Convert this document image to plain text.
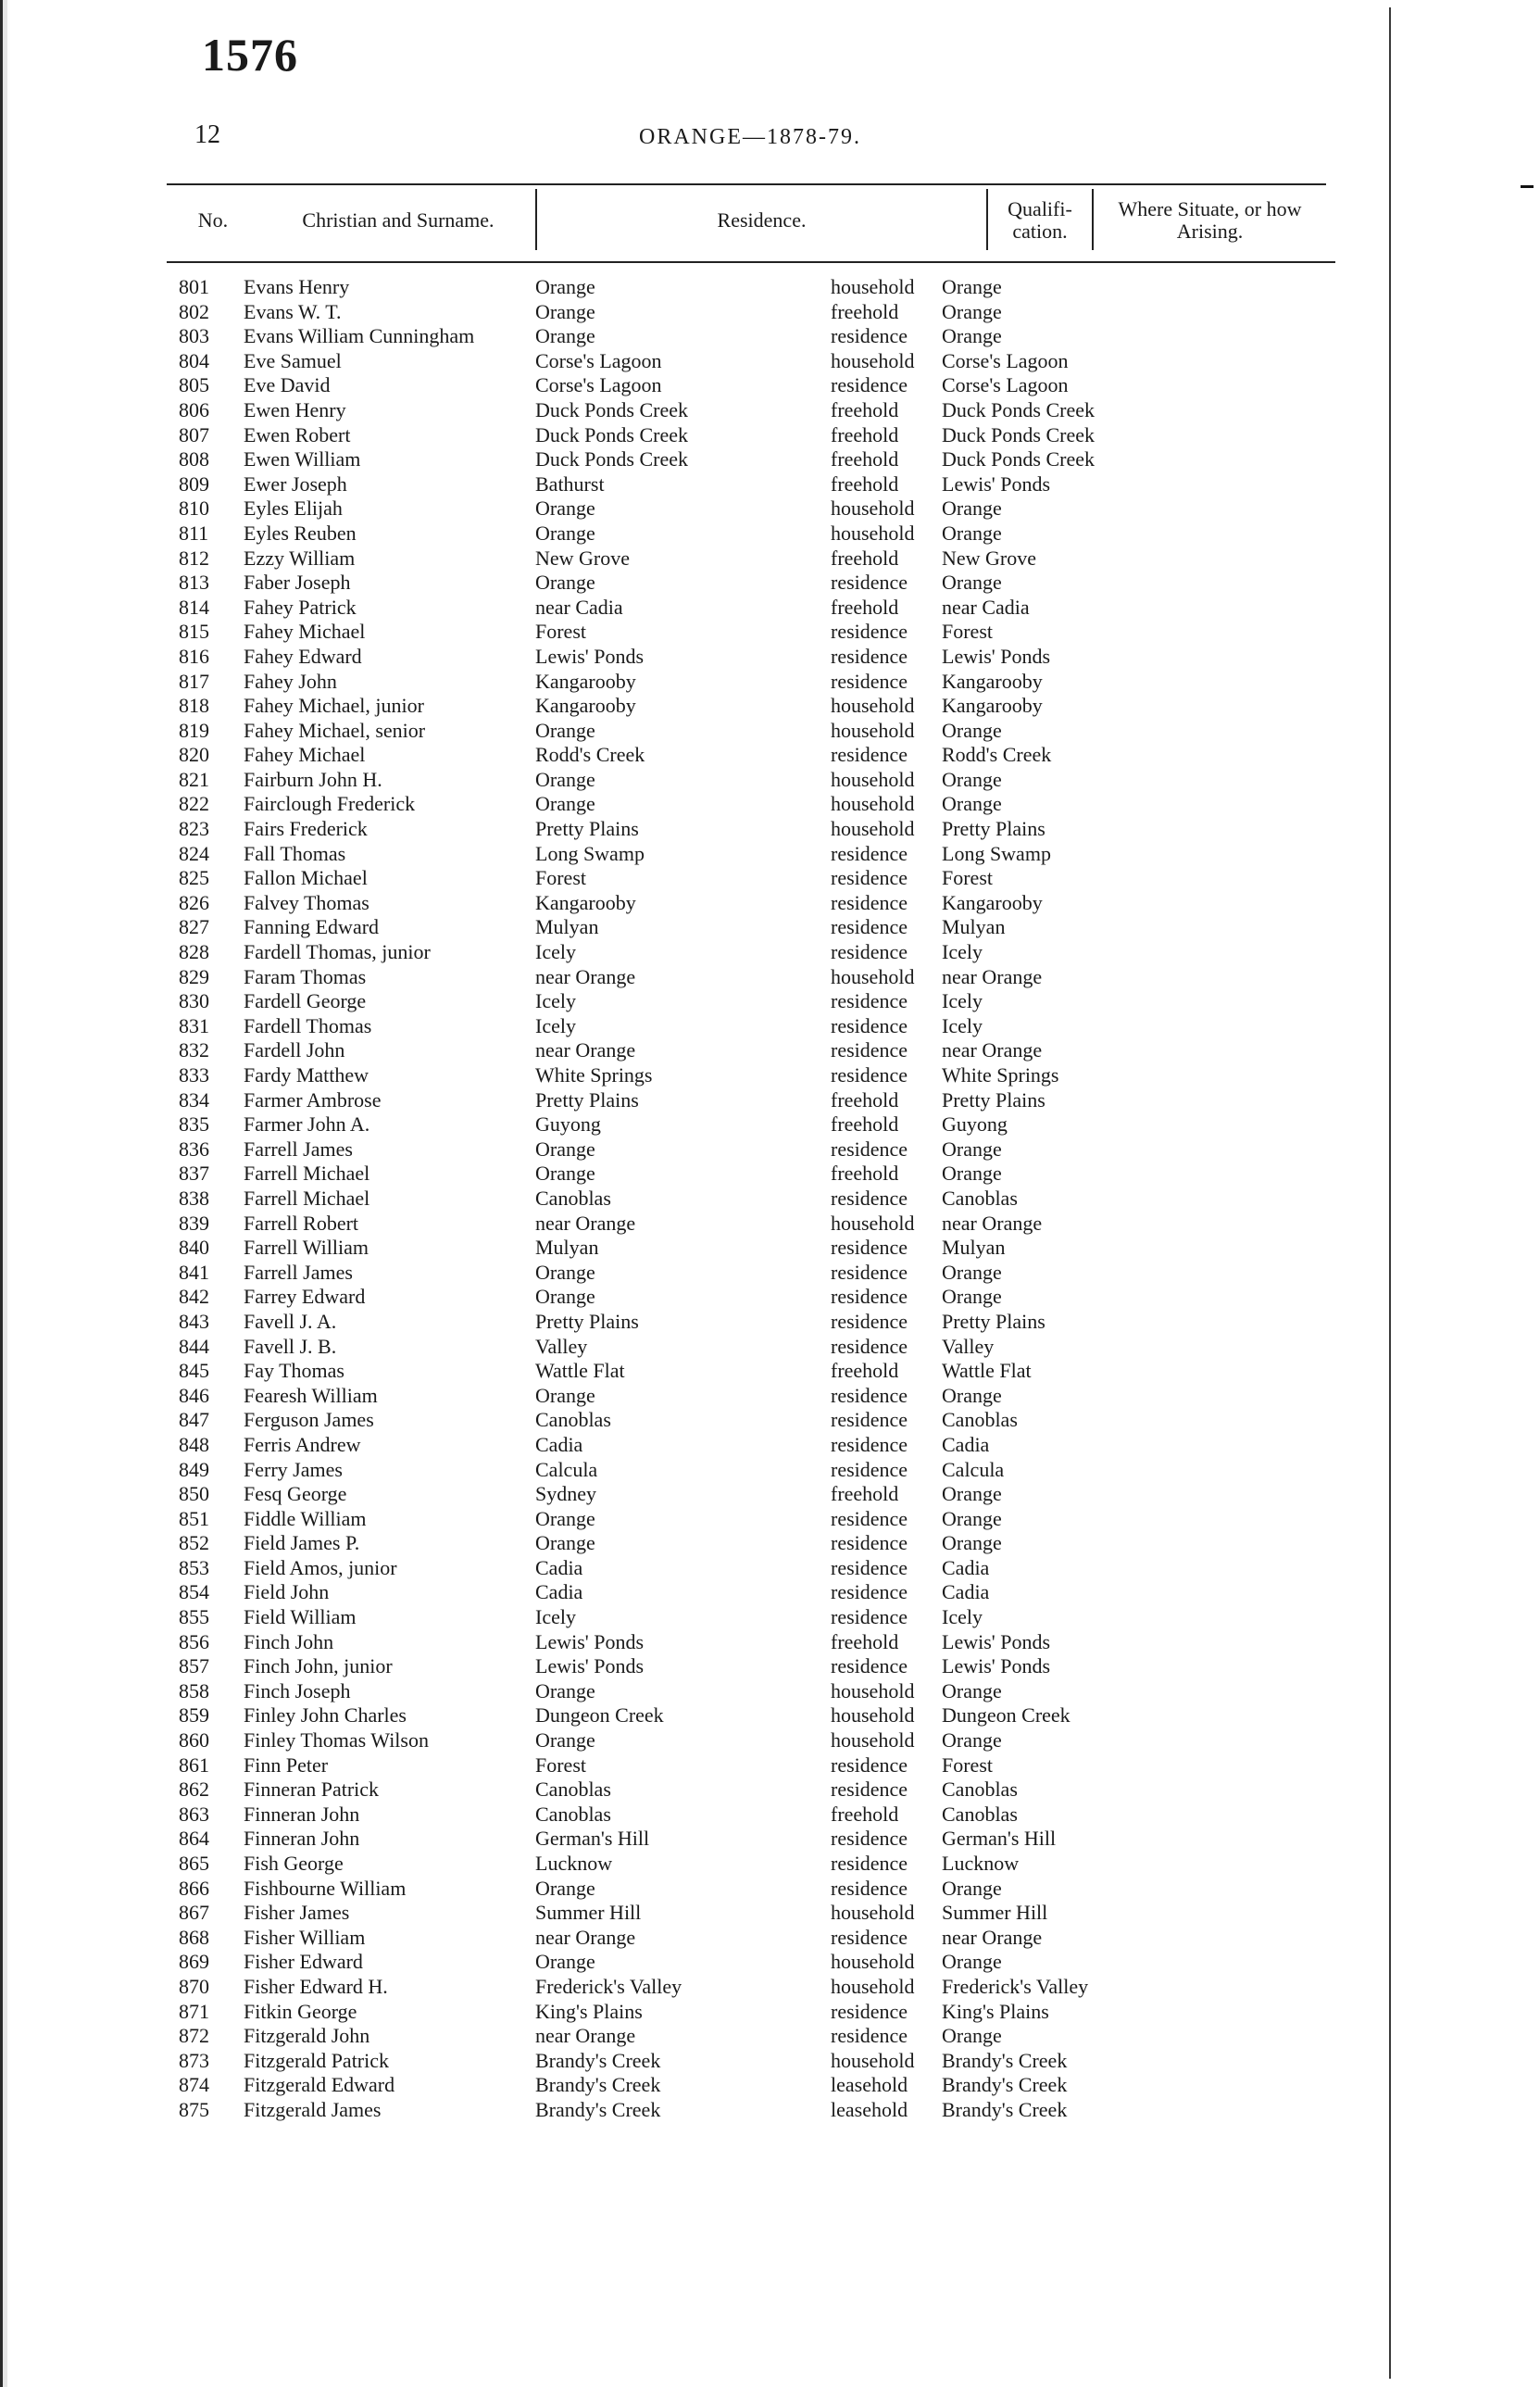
1576
12	ORANGE—1878-79.
No.	Christian and Surname.	Residence.	Qualifi-
cation.
Where Situate, or how Arising.
801 Evans Henry	Orange	household Orange
802 Evans W. T.	Orange	freehold Orange
803 Evans William Cunningham	Orange	residence Orange
804 Eve Samuel	Corse's Lagoon	household Corse's Lagoon
805 Eve David	Corse's Lagoon	residence Corse's Lagoon
806 Ewen Henry	Duck Ponds Creek	freehold Duck Ponds Creek
807 Ewen Robert	Duck Ponds Creek	freehold Duck Ponds Creek
808 Ewen William	Duck Ponds Creek	freehold Duck Ponds Creek
809 Ewer Joseph	Bathurst	freehold Lewis' Ponds
810 Eyles Elijah	Orange	household Orange
811 Eyles Reuben	Orange	household Orange
812 Ezzy William	New Grove	freehold New Grove
813 Faber Joseph	Orange	residence Orange
814 Fahey Patrick	near Cadia	freehold near Cadia
815 Fahey Michael	Forest	residence Forest
816 Fahey Edward	Lewis' Ponds	residence Lewis' Ponds
817 Fahey John	Kangarooby	residence Kangarooby
818 Fahey Michael, junior	Kangarooby	household Kangarooby
819 Fahey Michael, senior	Orange	household Orange
820 Fahey Michael	Rodd's Creek	residence Rodd's Creek
821 Fairburn John H.	Orange	household Orange
822 Fairclough Frederick	Orange	household Orange
823 Fairs Frederick	Pretty Plains	household Pretty Plains
824 Fall Thomas	Long Swamp	residence Long Swamp
825 Fallon Michael	Forest	residence Forest
826 Falvey Thomas	Kangarooby	residence Kangarooby
827 Fanning Edward	Mulyan	residence Mulyan
828 Fardell Thomas, junior	Icely	residence Icely
829 Faram Thomas	near Orange	household near Orange
830 Fardell George	Icely	residence Icely
831 Fardell Thomas	Icely	residence Icely
832 Fardell John	near Orange	residence near Orange
833 Fardy Matthew	White Springs	residence White Springs
834 Farmer Ambrose	Pretty Plains	freehold Pretty Plains
835 Farmer John A.	Guyong	freehold Guyong
836 Farrell James	Orange	residence Orange
837 Farrell Michael	Orange	freehold Orange
838 Farrell Michael	Canoblas	residence Canoblas
839 Farrell Robert	near Orange	household near Orange
840 Farrell William	Mulyan	residence Mulyan
841 Farrell James	Orange	residence Orange
842 Farrey Edward	Orange	residence Orange
843 Favell J. A.	Pretty Plains	residence Pretty Plains
844 Favell J. B.	Valley	residence Valley
845 Fay Thomas	Wattle Flat	freehold Wattle Flat
846 Fearesh William	Orange	residence Orange
847 Ferguson James	Canoblas	residence Canoblas
848 Ferris Andrew	Cadia	residence Cadia
849 Ferry James	Calcula	residence Calcula
850 Fesq George	Sydney	freehold Orange
851 Fiddle William	Orange	residence Orange
852 Field James P.	Orange	residence Orange
853 Field Amos, junior	Cadia	residence Cadia
854 Field John	Cadia	residence Cadia
855 Field William	Icely	residence Icely
856 Finch John	Lewis' Ponds	freehold Lewis' Ponds
857 Finch John, junior	Lewis' Ponds	residence Lewis' Ponds
858 Finch Joseph	Orange	household Orange
859 Finley John Charles	Dungeon Creek	household Dungeon Creek
860 Finley Thomas Wilson	Orange	household Orange
861 Finn Peter	Forest	residence Forest
862 Finneran Patrick	Canoblas	residence Canoblas
863 Finneran John	Canoblas	freehold Canoblas
864 Finneran John	German's Hill	residence German's Hill
865 Fish George	Lucknow	residence Lucknow
866 Fishbourne William	Orange	residence Orange
867 Fisher James	Summer Hill	household Summer Hill
868 Fisher William	near Orange	residence near Orange
869 Fisher Edward	Orange	household Orange
870 Fisher Edward H.	Frederick's Valley	household Frederick's Valley
871 Fitkin George	King's Plains	residence King's Plains
872 Fitzgerald John	near Orange	residence Orange
873 Fitzgerald Patrick	Brandy's Creek	household Brandy's Creek
874 Fitzgerald Edward	Brandy's Creek	leasehold Brandy's Creek
875 Fitzgerald James	Brandy's Creek	leasehold Brandy's Creek
